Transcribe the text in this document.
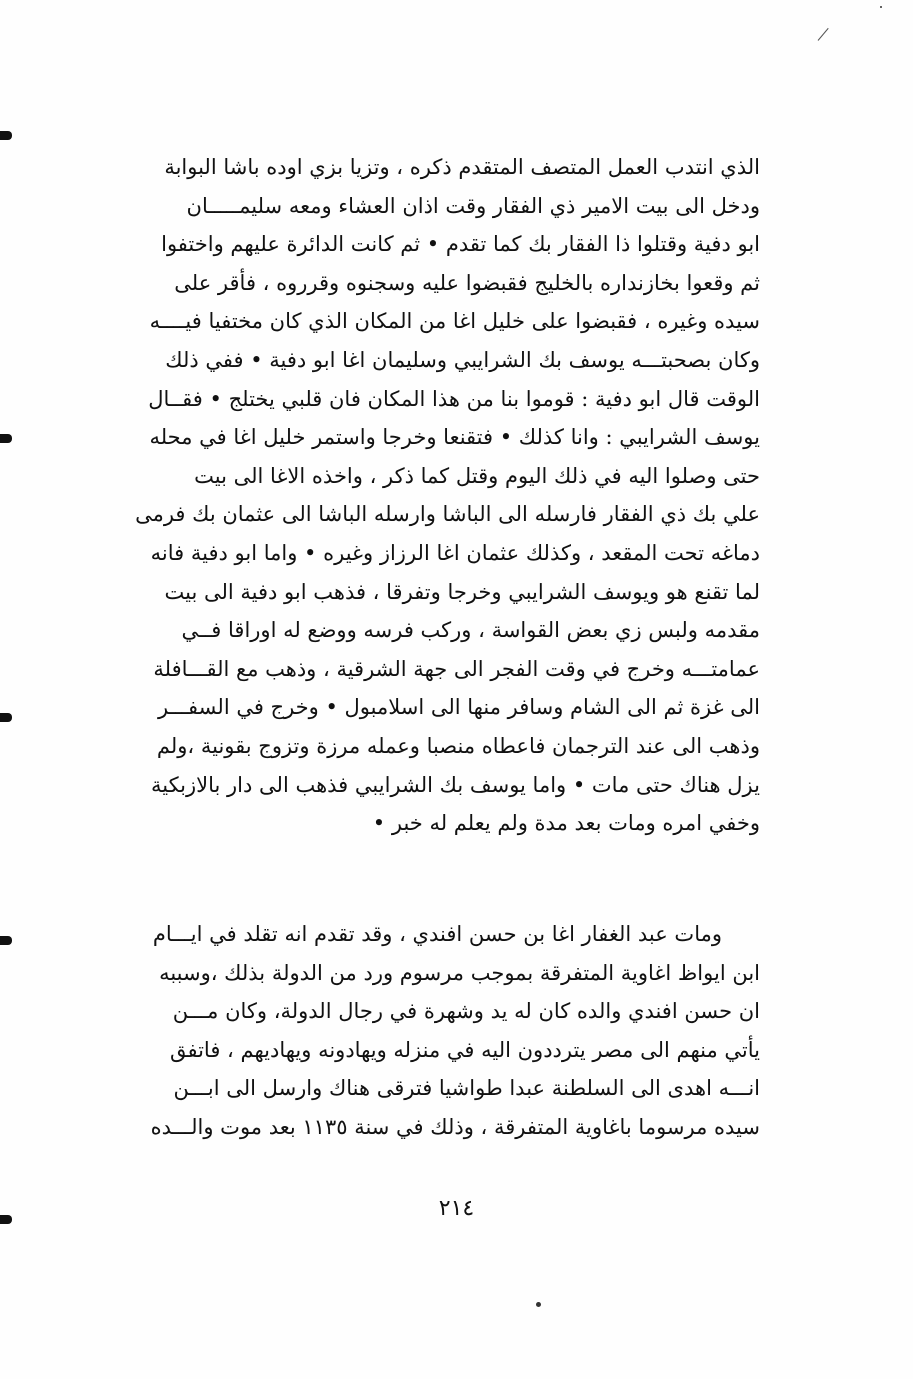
الذي انتدب العمل المتصف المتقدم ذكره ، وتزيا بزي اوده باشا البوابة
ودخل الى بيت الامير ذي الفقار وقت اذان العشاء ومعه سليمـــــان
ابو دفية وقتلوا ذا الفقار بك كما تقدم • ثم كانت الدائرة عليهم واختفوا
ثم وقعوا بخازنداره بالخليج فقبضوا عليه وسجنوه وقرروه ، فأقر على
سيده وغيره ، فقبضوا على خليل اغا من المكان الذي كان مختفيا فيــــه
وكان بصحبتـــه يوسف بك الشرايبي وسليمان اغا ابو دفية • ففي ذلك
الوقت قال ابو دفية : قوموا بنا من هذا المكان فان قلبي يختلج • فقــال
يوسف الشرايبي : وانا كذلك • فتقنعا وخرجا واستمر خليل اغا في محله
حتى وصلوا اليه في ذلك اليوم وقتل كما ذكر ، واخذه الاغا الى بيت
علي بك ذي الفقار فارسله الى الباشا وارسله الباشا الى عثمان بك فرمى
دماغه تحت المقعد ، وكذلك عثمان اغا الرزاز وغيره • واما ابو دفية فانه
لما تقنع هو ويوسف الشرايبي وخرجا وتفرقا ، فذهب ابو دفية الى بيت
مقدمه ولبس زي بعض القواسة ، وركب فرسه ووضع له اوراقا فــي
عمامتـــه وخرج في وقت الفجر الى جهة الشرقية ، وذهب مع القـــافلة
الى غزة ثم الى الشام وسافر منها الى اسلامبول • وخرج في السفـــر
وذهب الى عند الترجمان فاعطاه منصبا وعمله مرزة وتزوج بقونية ،ولم
يزل هناك حتى مات • واما يوسف بك الشرايبي فذهب الى دار بالازبكية
وخفي امره ومات بعد مدة ولم يعلم له خبر •
ومات عبد الغفار اغا بن حسن افندي ، وقد تقدم انه تقلد في ايـــام
ابن ايواظ اغاوية المتفرقة بموجب مرسوم ورد من الدولة بذلك ،وسببه
ان حسن افندي والده كان له يد وشهرة في رجال الدولة، وكان مـــن
يأتي منهم الى مصر يترددون اليه في منزله ويهادونه ويهاديهم ، فاتفق
انـــه اهدى الى السلطنة عبدا طواشيا فترقى هناك وارسل الى ابـــن
سيده مرسوما باغاوية المتفرقة ، وذلك في سنة ١١٣٥ بعد موت والـــده
٢١٤
